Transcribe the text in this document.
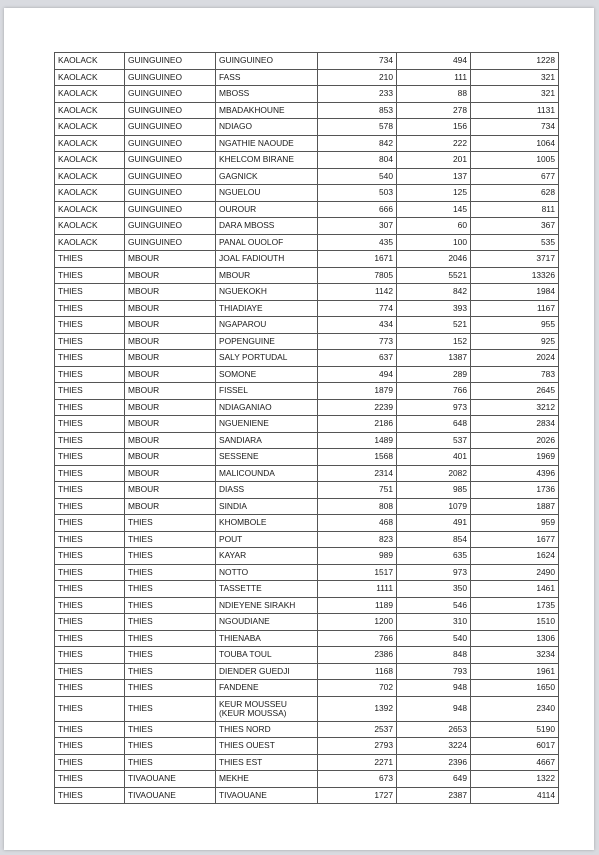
KAOLACK	GUINGUINEO	GUINGUINEO	734	494	1228
KAOLACK	GUINGUINEO	FASS	210	111	321
KAOLACK	GUINGUINEO	MBOSS	233	88	321
KAOLACK	GUINGUINEO	MBADAKHOUNE	853	278	1131
KAOLACK	GUINGUINEO	NDIAGO	578	156	734
KAOLACK	GUINGUINEO	NGATHIE NAOUDE	842	222	1064
KAOLACK	GUINGUINEO	KHELCOM BIRANE	804	201	1005
KAOLACK	GUINGUINEO	GAGNICK	540	137	677
KAOLACK	GUINGUINEO	NGUELOU	503	125	628
KAOLACK	GUINGUINEO	OUROUR	666	145	811
KAOLACK	GUINGUINEO	DARA MBOSS	307	60	367
KAOLACK	GUINGUINEO	PANAL OUOLOF	435	100	535
THIES	MBOUR	JOAL FADIOUTH	1671	2046	3717
THIES	MBOUR	MBOUR	7805	5521	13326
THIES	MBOUR	NGUEKOKH	1142	842	1984
THIES	MBOUR	THIADIAYE	774	393	1167
THIES	MBOUR	NGAPAROU	434	521	955
THIES	MBOUR	POPENGUINE	773	152	925
THIES	MBOUR	SALY PORTUDAL	637	1387	2024
THIES	MBOUR	SOMONE	494	289	783
THIES	MBOUR	FISSEL	1879	766	2645
THIES	MBOUR	NDIAGANIAO	2239	973	3212
THIES	MBOUR	NGUENIENE	2186	648	2834
THIES	MBOUR	SANDIARA	1489	537	2026
THIES	MBOUR	SESSENE	1568	401	1969
THIES	MBOUR	MALICOUNDA	2314	2082	4396
THIES	MBOUR	DIASS	751	985	1736
THIES	MBOUR	SINDIA	808	1079	1887
THIES	THIES	KHOMBOLE	468	491	959
THIES	THIES	POUT	823	854	1677
THIES	THIES	KAYAR	989	635	1624
THIES	THIES	NOTTO	1517	973	2490
THIES	THIES	TASSETTE	1111	350	1461
THIES	THIES	NDIEYENE SIRAKH	1189	546	1735
THIES	THIES	NGOUDIANE	1200	310	1510
THIES	THIES	THIENABA	766	540	1306
THIES	THIES	TOUBA TOUL	2386	848	3234
THIES	THIES	DIENDER GUEDJI	1168	793	1961
THIES	THIES	FANDENE	702	948	1650
THIES	THIES	KEUR MOUSSEU (KEUR MOUSSA)	1392	948	2340
THIES	THIES	THIES NORD	2537	2653	5190
THIES	THIES	THIES OUEST	2793	3224	6017
THIES	THIES	THIES EST	2271	2396	4667
THIES	TIVAOUANE	MEKHE	673	649	1322
THIES	TIVAOUANE	TIVAOUANE	1727	2387	4114
